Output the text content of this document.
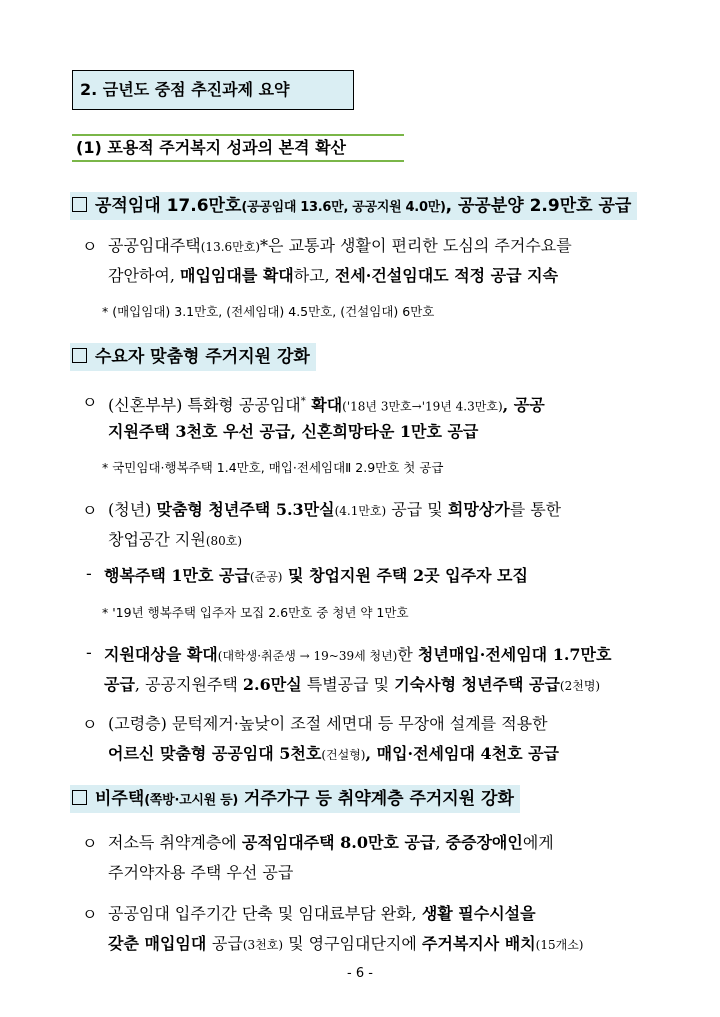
2. 금년도 중점 추진과제 요약
(1) 포용적 주거복지 성과의 본격 확산
공적임대 17.6만호(공공임대 13.6만, 공공지원 4.0만), 공공분양 2.9만호 공급
ㅇ 공공임대주택(13.6만호)*은 교통과 생활이 편리한 도심의 주거수요를
감안하여, 매입임대를 확대하고, 전세·건설임대도 적정 공급 지속
* (매입임대) 3.1만호, (전세임대) 4.5만호, (건설임대) 6만호
수요자 맞춤형 주거지원 강화
ㅇ (신혼부부) 특화형 공공임대* 확대('18년 3만호→'19년 4.3만호), 공공
지원주택 3천호 우선 공급, 신혼희망타운 1만호 공급
* 국민임대·행복주택 1.4만호, 매입·전세임대Ⅱ 2.9만호 첫 공급
ㅇ (청년) 맞춤형 청년주택 5.3만실(4.1만호) 공급 및 희망상가를 통한
창업공간 지원(80호)
- 행복주택 1만호 공급(준공) 및 창업지원 주택 2곳 입주자 모집
* '19년 행복주택 입주자 모집 2.6만호 중 청년 약 1만호
- 지원대상을 확대(대학생·취준생 → 19~39세 청년)한 청년매입·전세임대 1.7만호
공급, 공공지원주택 2.6만실 특별공급 및 기숙사형 청년주택 공급(2천명)
ㅇ (고령층) 문턱제거·높낮이 조절 세면대 등 무장애 설계를 적용한
어르신 맞춤형 공공임대 5천호(건설형), 매입·전세임대 4천호 공급
비주택(쪽방·고시원 등) 거주가구 등 취약계층 주거지원 강화
ㅇ 저소득 취약계층에 공적임대주택 8.0만호 공급, 중증장애인에게
주거약자용 주택 우선 공급
ㅇ 공공임대 입주기간 단축 및 임대료부담 완화, 생활 필수시설을
갖춘 매입임대 공급(3천호) 및 영구임대단지에 주거복지사 배치(15개소)
- 6 -
